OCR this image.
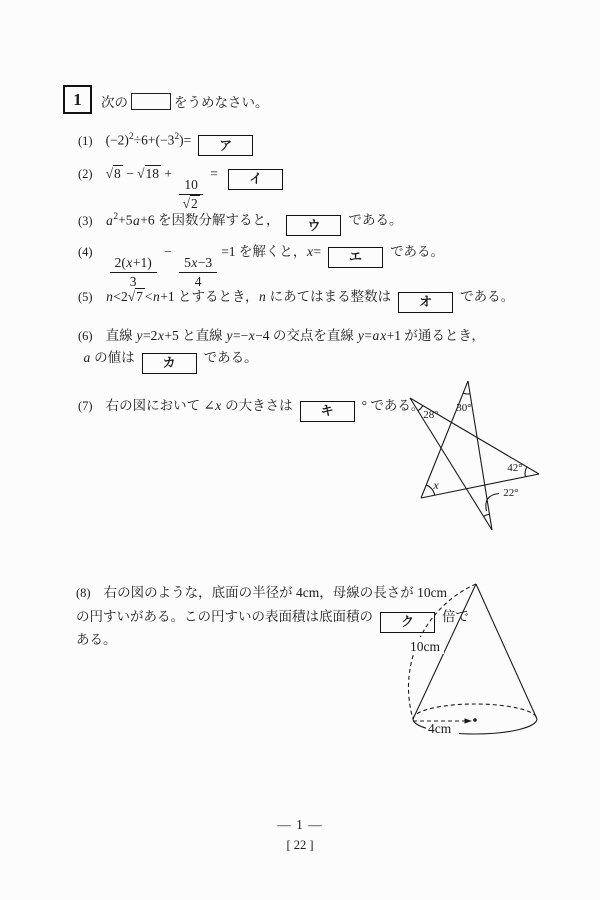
1	次の	をうめなさい。
(1) $(-2)^2\div 6+(-3^2)=$ ア
(2) √8 − √18 +
$\frac{10}{√2}$
= イ
(3) $a^2+5a+6$ を因数分解すると， ウ である。
(4)
$\frac{2(x+1)}{3}$
−
$\frac{5x-3}{4}$
=1 を解くと，x= エ である。
(5) n<2√7 <n+1 とするとき，n にあてはまる整数は オ である。
(6) 直線 y=2x+5 と直線 y=−x−4 の交点を直線 y=ax+1 が通るとき，
a の値は カ である。
(7) 右の図において ∠x の大きさは キ ° である。
(8) 右の図のような，底面の半径が 4cm，母線の長さが 10cm
の円すいがある。この円すいの表面積は底面積の ク 倍で
ある。
30°
28°
42°
22°
x
10cm
4cm
— 1 —
[ 22 ]
